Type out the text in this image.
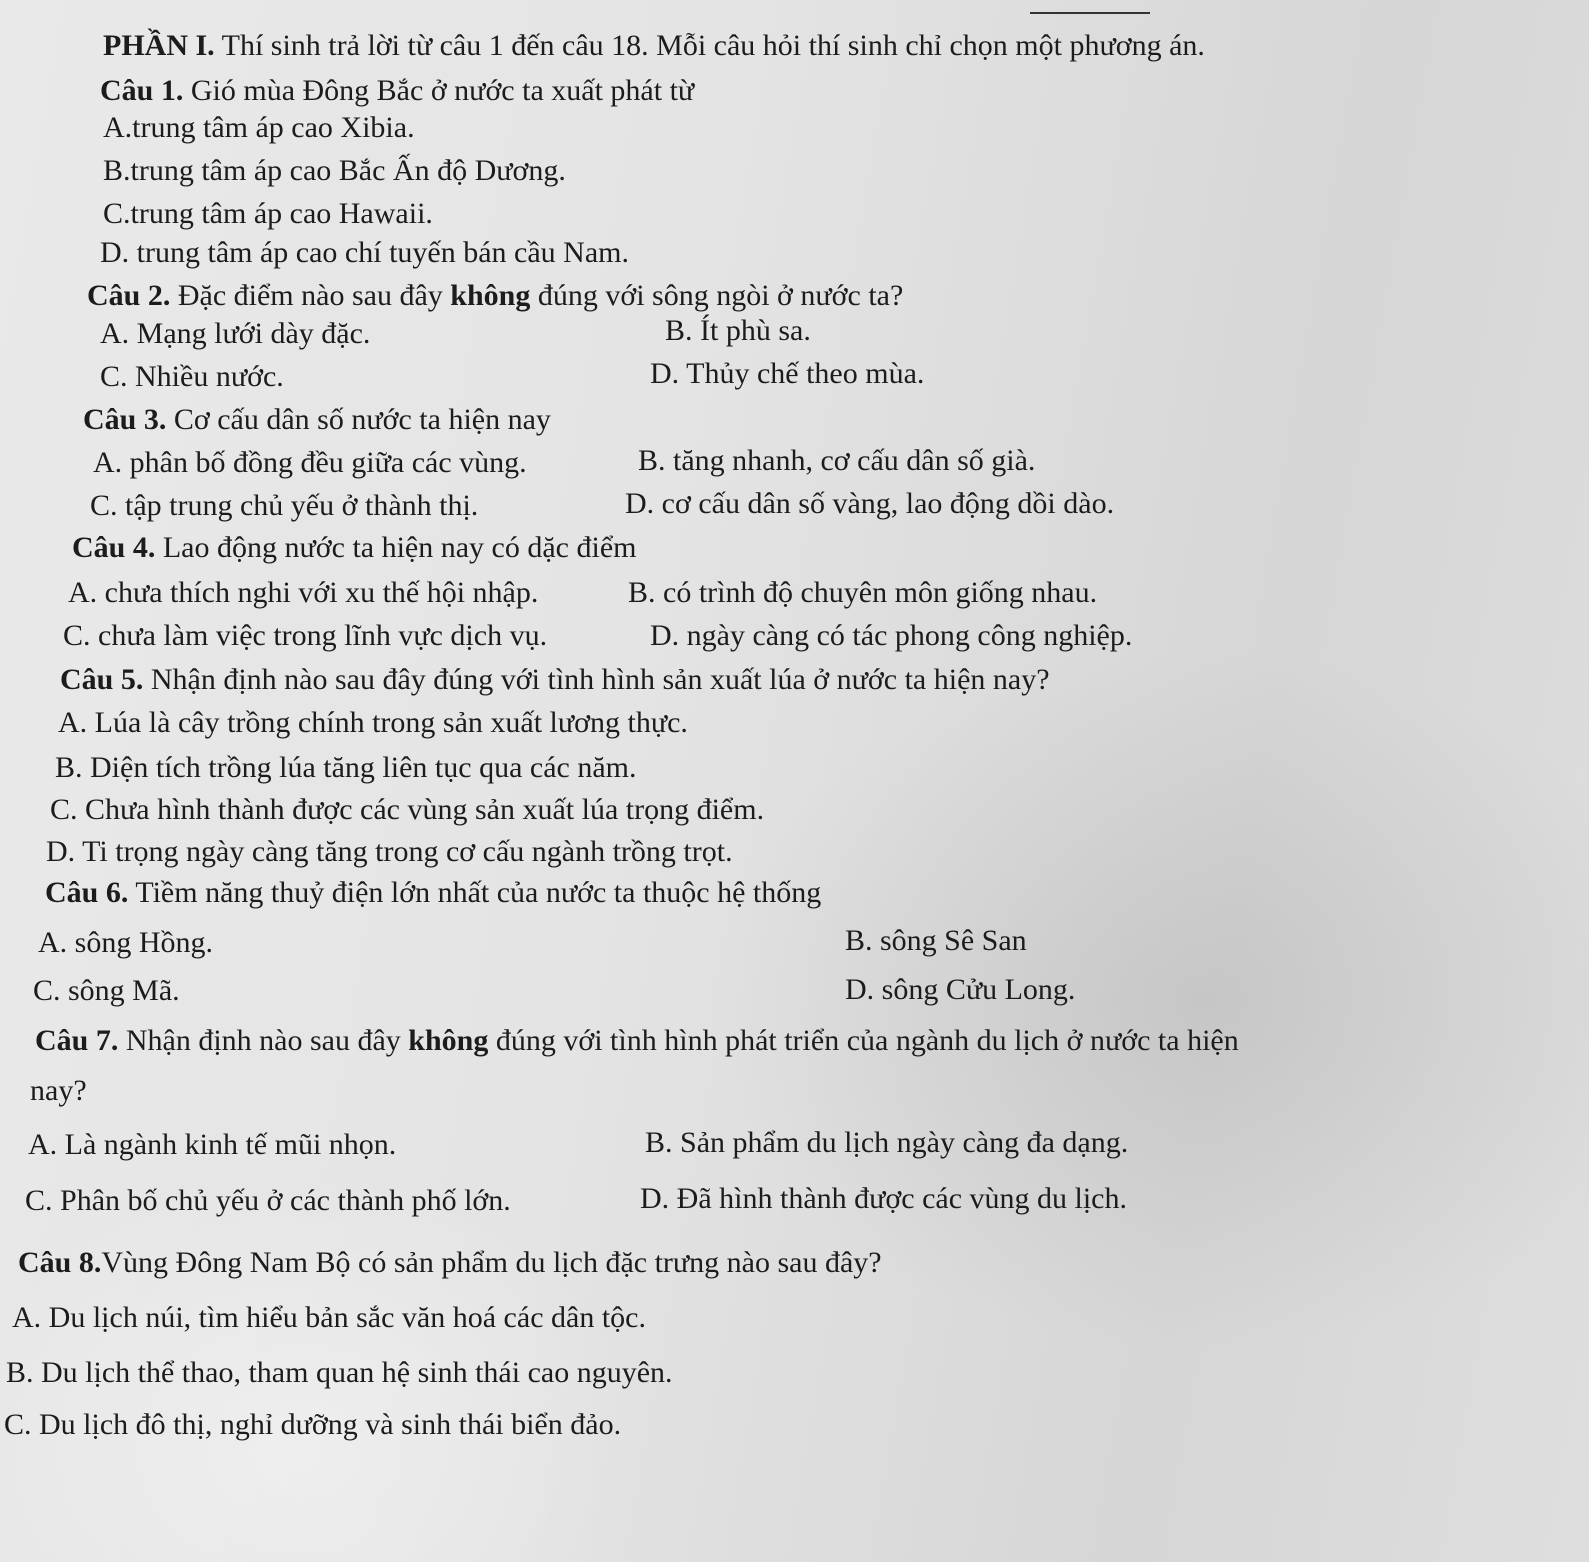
PHẦN I. Thí sinh trả lời từ câu 1 đến câu 18. Mỗi câu hỏi thí sinh chỉ chọn một phương án.
Câu 1. Gió mùa Đông Bắc ở nước ta xuất phát từ
A.trung tâm áp cao Xibia.
B.trung tâm áp cao Bắc Ấn độ Dương.
C.trung tâm áp cao Hawaii.
D. trung tâm áp cao chí tuyến bán cầu Nam.
Câu 2. Đặc điểm nào sau đây không đúng với sông ngòi ở nước ta?
A. Mạng lưới dày đặc.	B. Ít phù sa.
C. Nhiều nước.	D. Thủy chế theo mùa.
Câu 3. Cơ cấu dân số nước ta hiện nay
A. phân bố đồng đều giữa các vùng.	B. tăng nhanh, cơ cấu dân số già.
C. tập trung chủ yếu ở thành thị.	D. cơ cấu dân số vàng, lao động dồi dào.
Câu 4. Lao động nước ta hiện nay có dặc điểm
A. chưa thích nghi với xu thế hội nhập.	B. có trình độ chuyên môn giống nhau.
C. chưa làm việc trong lĩnh vực dịch vụ.	D. ngày càng có tác phong công nghiệp.
Câu 5. Nhận định nào sau đây đúng với tình hình sản xuất lúa ở nước ta hiện nay?
A. Lúa là cây trồng chính trong sản xuất lương thực.
B. Diện tích trồng lúa tăng liên tục qua các năm.
C. Chưa hình thành được các vùng sản xuất lúa trọng điểm.
D. Ti trọng ngày càng tăng trong cơ cấu ngành trồng trọt.
Câu 6. Tiềm năng thuỷ điện lớn nhất của nước ta thuộc hệ thống
A. sông Hồng.	B. sông Sê San
C. sông Mã.	D. sông Cửu Long.
Câu 7. Nhận định nào sau đây không đúng với tình hình phát triển của ngành du lịch ở nước ta hiện
nay?
A. Là ngành kinh tế mũi nhọn.	B. Sản phẩm du lịch ngày càng đa dạng.
C. Phân bố chủ yếu ở các thành phố lớn.	D. Đã hình thành được các vùng du lịch.
Câu 8.Vùng Đông Nam Bộ có sản phẩm du lịch đặc trưng nào sau đây?
A. Du lịch núi, tìm hiểu bản sắc văn hoá các dân tộc.
B. Du lịch thể thao, tham quan hệ sinh thái cao nguyên.
C. Du lịch đô thị, nghỉ dưỡng và sinh thái biển đảo.
